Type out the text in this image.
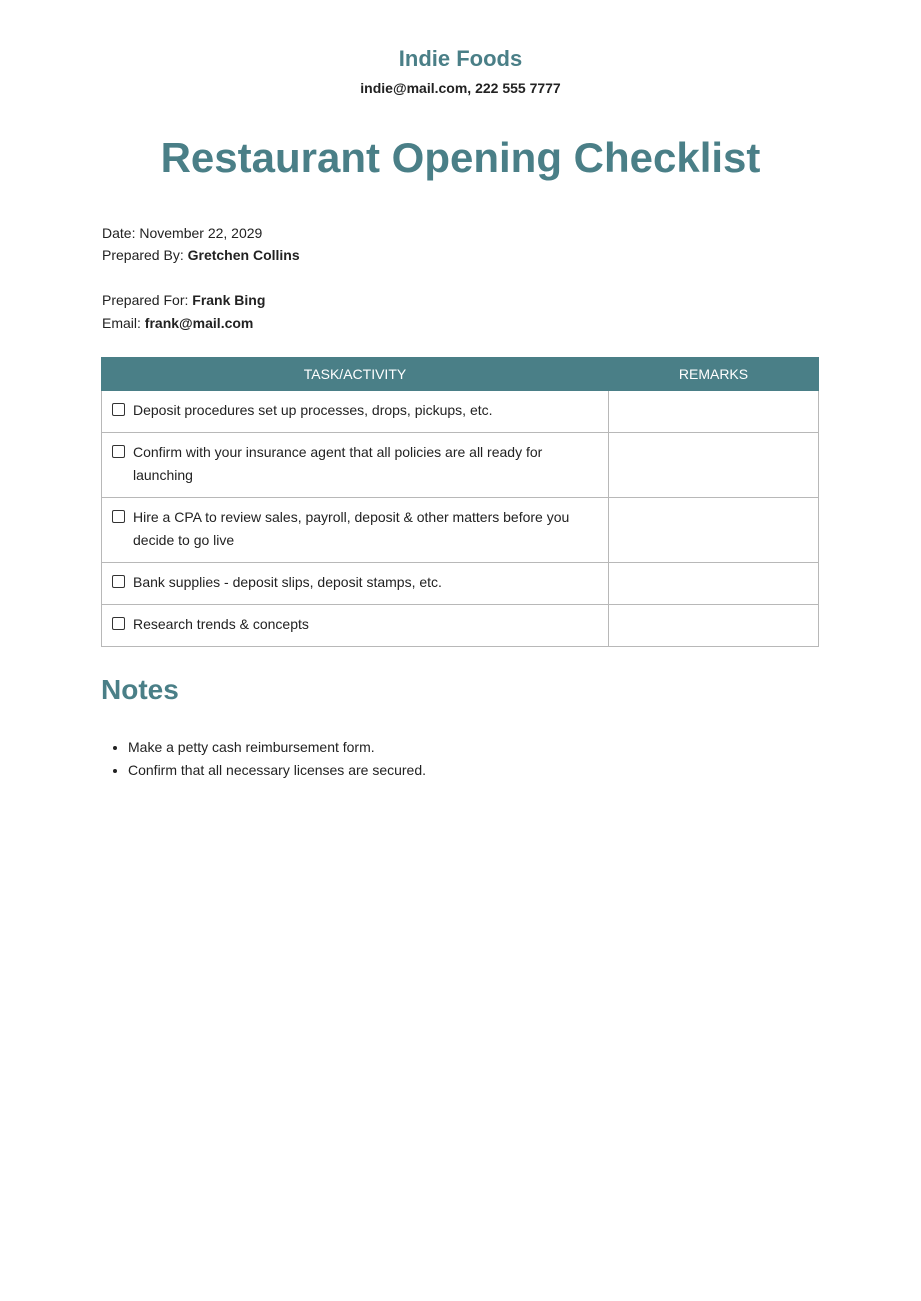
Indie Foods
indie@mail.com, 222 555 7777
Restaurant Opening Checklist
Date: November 22, 2029
Prepared By: Gretchen Collins
Prepared For: Frank Bing
Email: frank@mail.com
TASK/ACTIVITY	REMARKS

Deposit procedures set up processes, drops, pickups, etc.	

Confirm with your insurance agent that all policies are all ready for launching	

Hire a CPA to review sales, payroll, deposit & other matters before you decide to go live	

Bank supplies - deposit slips, deposit stamps, etc.	

Research trends & concepts	

Notes
• Make a petty cash reimbursement form.
• Confirm that all necessary licenses are secured.
